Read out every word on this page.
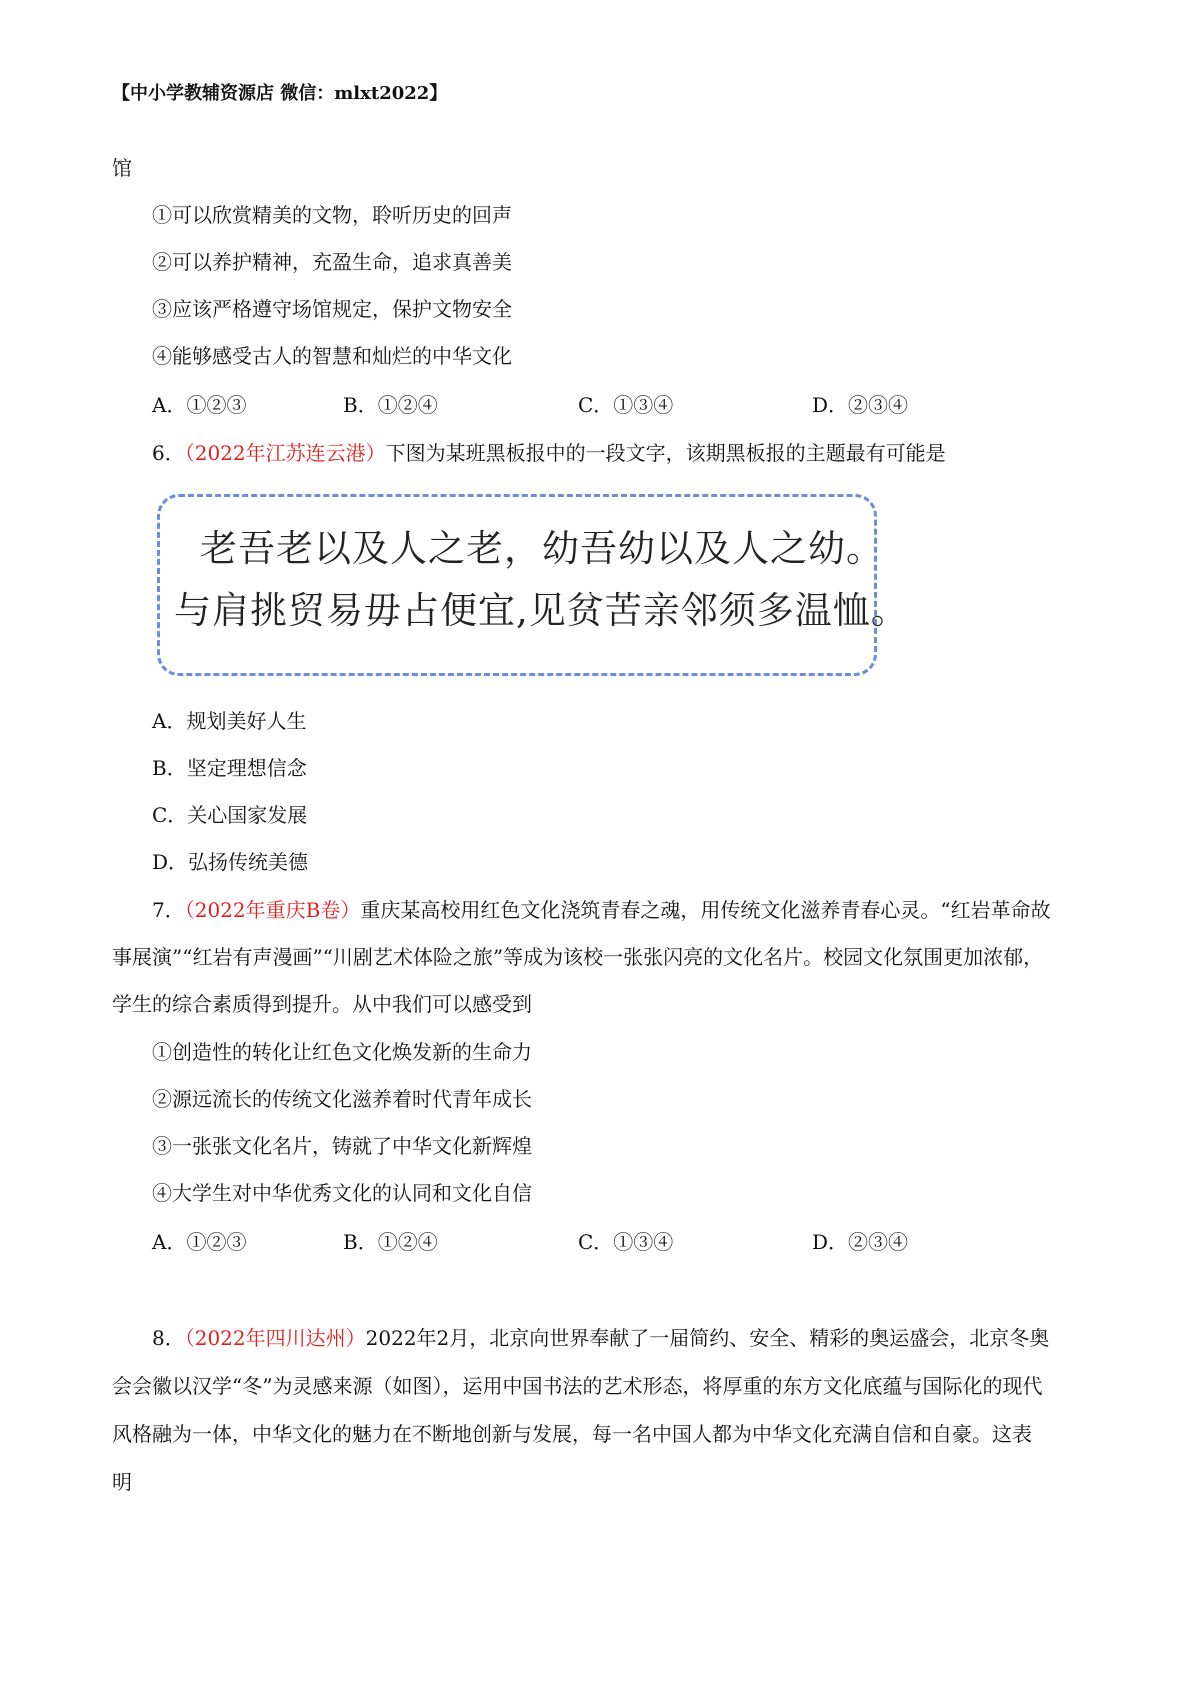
【中小学教辅资源店 微信：mlxt2022】
馆
①可以欣赏精美的文物，聆听历史的回声
②可以养护精神，充盈生命，追求真善美
③应该严格遵守场馆规定，保护文物安全
④能够感受古人的智慧和灿烂的中华文化
A．①②③	B．①②④	C．①③④	D．②③④
6．（2022年江苏连云港）下图为某班黑板报中的一段文字，该期黑板报的主题最有可能是
老吾老以及人之老，幼吾幼以及人之幼。
与肩挑贸易毋占便宜,见贫苦亲邻须多温恤。
A．规划美好人生
B．坚定理想信念
C．关心国家发展
D．弘扬传统美德
7．（2022年重庆B卷）重庆某高校用红色文化浇筑青春之魂，用传统文化滋养青春心灵。“红岩革命故
事展演”“红岩有声漫画”“川剧艺术体险之旅”等成为该校一张张闪亮的文化名片。校园文化氛围更加浓郁，
学生的综合素质得到提升。从中我们可以感受到
①创造性的转化让红色文化焕发新的生命力
②源远流长的传统文化滋养着时代青年成长
③一张张文化名片，铸就了中华文化新辉煌
④大学生对中华优秀文化的认同和文化自信
A．①②③	B．①②④	C．①③④	D．②③④
8．（2022年四川达州）2022年2月，北京向世界奉献了一届简约、安全、精彩的奥运盛会，北京冬奥
会会徽以汉学“冬”为灵感来源（如图），运用中国书法的艺术形态，将厚重的东方文化底蕴与国际化的现代
风格融为一体，中华文化的魅力在不断地创新与发展，每一名中国人都为中华文化充满自信和自豪。这表
明
